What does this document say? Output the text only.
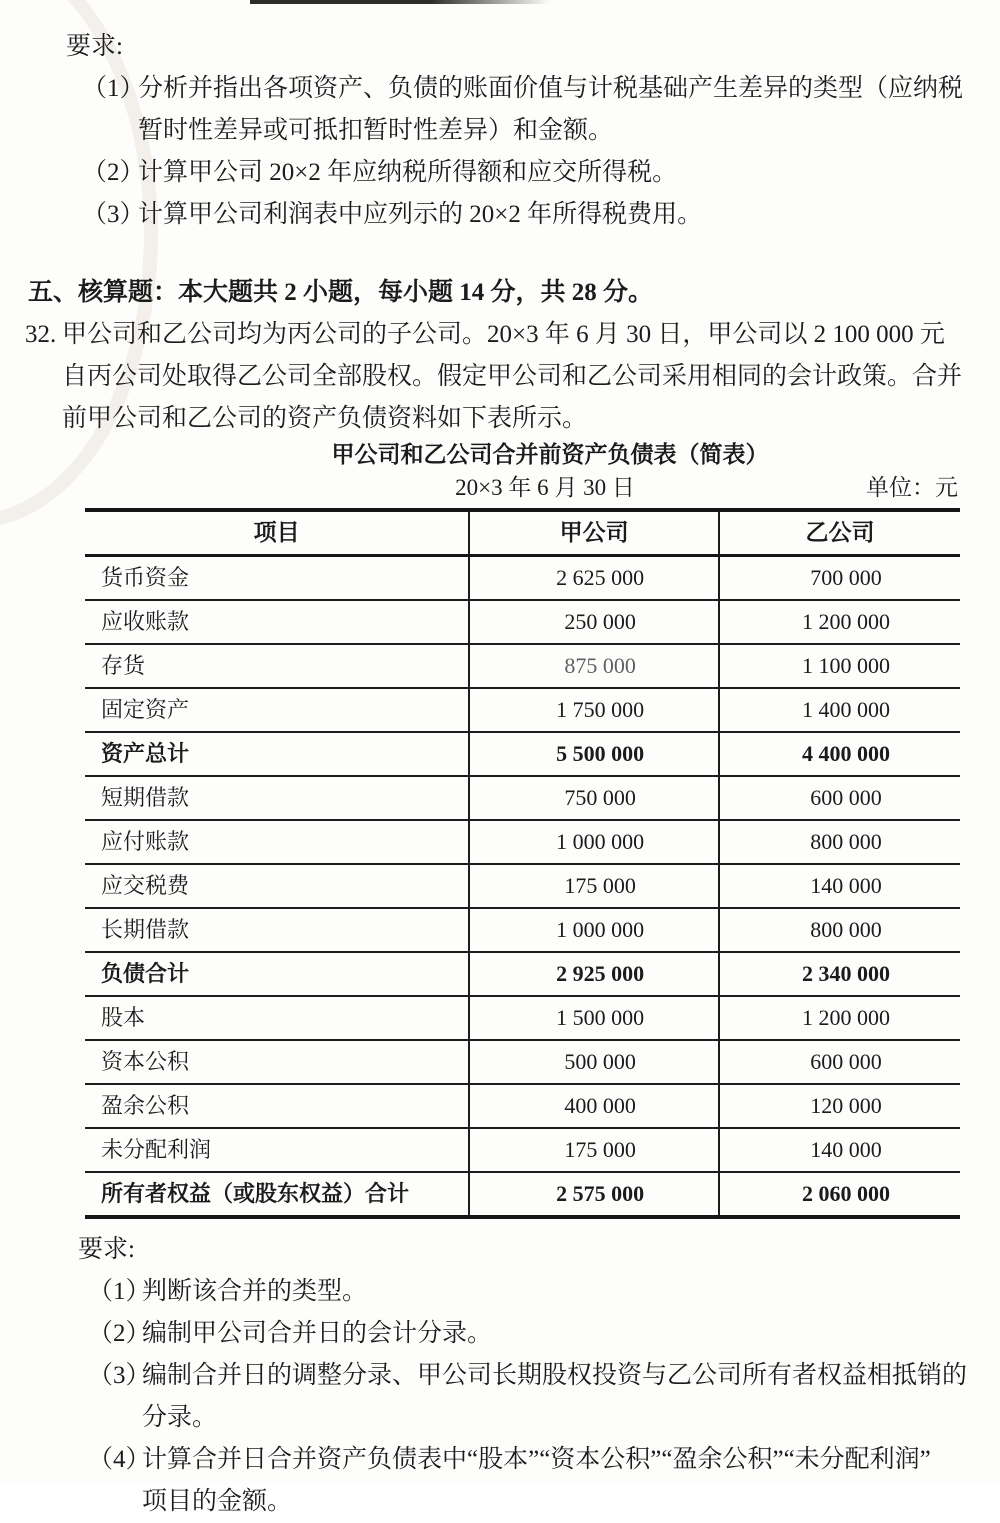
要求:
（1）
分析并指出各项资产、负债的账面价值与计税基础产生差异的类型（应纳税
暂时性差异或可抵扣暂时性差异）和金额。
（2）
计算甲公司 20×2 年应纳税所得额和应交所得税。
（3）
计算甲公司利润表中应列示的 20×2 年所得税费用。
五、核算题：本大题共 2 小题，每小题 14 分，共 28 分。
32. 甲公司和乙公司均为丙公司的子公司。20×3 年 6 月 30 日，甲公司以 2 100 000 元
自丙公司处取得乙公司全部股权。假定甲公司和乙公司采用相同的会计政策。合并
前甲公司和乙公司的资产负债资料如下表所示。
甲公司和乙公司合并前资产负债表（简表）
20×3 年 6 月 30 日	单位：元
项目	甲公司	乙公司
货币资金	2 625 000	700 000
应收账款	250 000	1 200 000
存货	875 000	1 100 000
固定资产	1 750 000	1 400 000
资产总计	5 500 000	4 400 000
短期借款	750 000	600 000
应付账款	1 000 000	800 000
应交税费	175 000	140 000
长期借款	1 000 000	800 000
负债合计	2 925 000	2 340 000
股本	1 500 000	1 200 000
资本公积	500 000	600 000
盈余公积	400 000	120 000
未分配利润	175 000	140 000
所有者权益（或股东权益）合计	2 575 000	2 060 000
要求:
（1）
判断该合并的类型。
（2）
编制甲公司合并日的会计分录。
（3）
编制合并日的调整分录、甲公司长期股权投资与乙公司所有者权益相抵销的
分录。
（4）
计算合并日合并资产负债表中“股本”“资本公积”“盈余公积”“未分配利润”
项目的金额。
